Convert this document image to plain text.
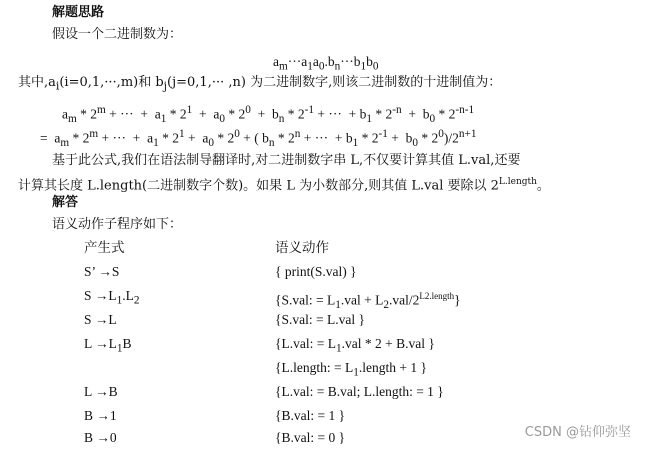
解题思路
假设一个二进制数为：
$a_m\cdot\cdot\cdot a_1a_0.b_n\cdot\cdot\cdot b_1b_0$
其中$,a_i(i=0,1,\cdot\cdot\cdot,m)$和 $b_j(j=0,1,\cdot\cdot\cdot ,n)$ 为二进制数字,则该二进制数的十进制值为：
$a_m * 2^m$ + ···  +  $a_1 * 2^1 + a_0 * 2^0 + b_n * 2^{-1}$ + ···  + $b_1 * 2^{-n} + b_0 * 2^{-n-1}$
=  $a_m * 2^m$ + ···  +  $a_1 * 2^1 + a_0 * 2^0$ + ( $b_n * 2^n$ + ···  + $b_1 * 2^{-1} + b_0 * 2^0)/2^{n+1}$
基于此公式,我们在语法制导翻译时,对二进制数字串 L,不仅要计算其值 L.val,还要
计算其长度 L.length(二进制数字个数)。如果 L 为小数部分,则其值 L.val 要除以 $2^{L.length}$。
解答
语义动作子程序如下：
产生式	语义动作
S’ →S	{ print(S.val) }
$S \to L_1.L_2$	{S.val: = $L_1.val + L_2.val/2^{L2.length}$}
S →L	{S.val: = L.val }
$L \to L_1B$	{L.val: = $L_1.val * 2 + B.val$ }
{L.length: = $L_1.length + 1$ }
L →B	{L.val: = B.val; L.length: = 1 }
B →1	{B.val: = 1 }
B →0	{B.val: = 0 }	CSDN @钻仰弥坚
